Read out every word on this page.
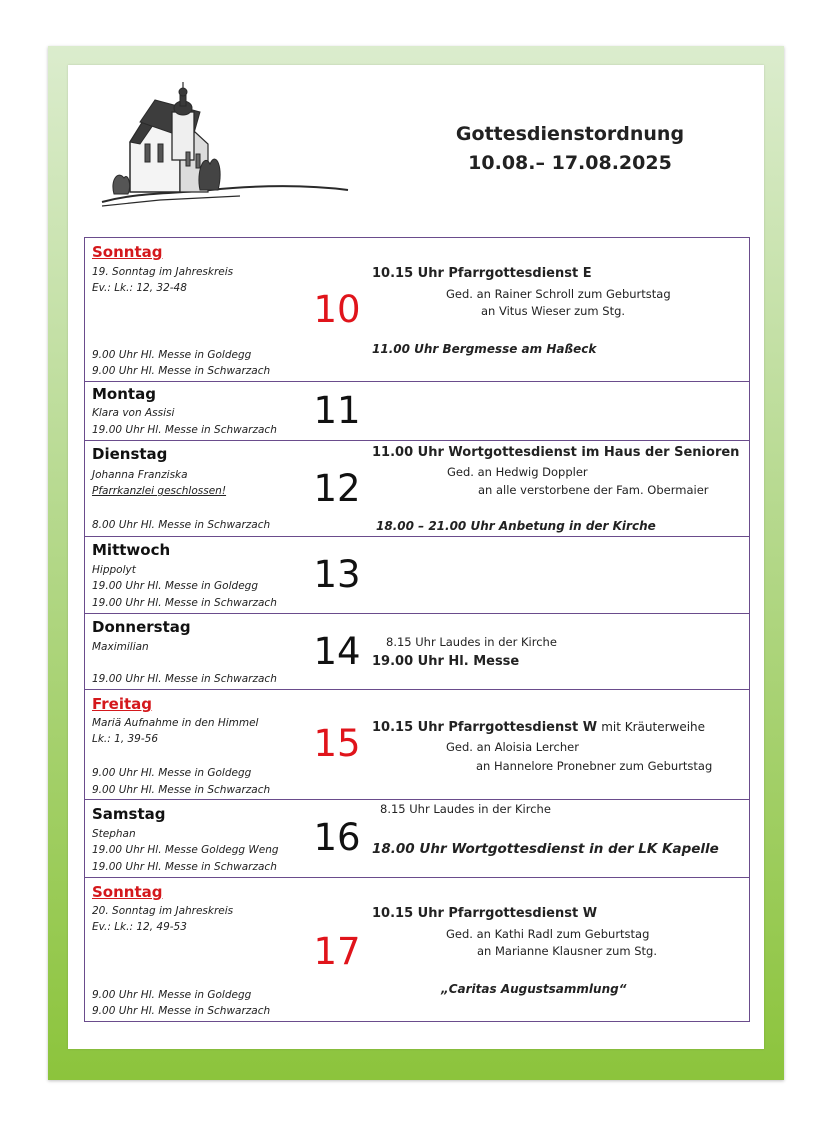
Gottesdienstordnung
10.08.– 17.08.2025
Sonntag
19. Sonntag im Jahreskreis
Ev.: Lk.: 12, 32-48
9.00 Uhr Hl. Messe in Goldegg
9.00 Uhr Hl. Messe in Schwarzach
10
10.15 Uhr Pfarrgottesdienst E
Ged. an Rainer Schroll zum Geburtstag
an Vitus Wieser zum Stg.
11.00 Uhr Bergmesse am Haßeck
Montag
Klara von Assisi
19.00 Uhr Hl. Messe in Schwarzach 11
Dienstag
Johanna Franziska
Pfarrkanzlei geschlossen!
8.00 Uhr Hl. Messe in Schwarzach
12
11.00 Uhr Wortgottesdienst im Haus der Senioren
Ged. an Hedwig Doppler
an alle verstorbene der Fam. Obermaier
18.00 – 21.00 Uhr Anbetung in der Kirche
Mittwoch
Hippolyt
19.00 Uhr Hl. Messe in Goldegg
19.00 Uhr Hl. Messe in Schwarzach
13
Donnerstag
Maximilian
19.00 Uhr Hl. Messe in Schwarzach
14	8.15 Uhr Laudes in der Kirche
19.00 Uhr Hl. Messe
Freitag
Mariä Aufnahme in den Himmel
Lk.: 1, 39-56
9.00 Uhr Hl. Messe in Goldegg
9.00 Uhr Hl. Messe in Schwarzach
15 10.15 Uhr Pfarrgottesdienst W mit Kräuterweihe
Ged. an Aloisia Lercher
an Hannelore Pronebner zum Geburtstag
Samstag
Stephan
19.00 Uhr Hl. Messe Goldegg Weng
19.00 Uhr Hl. Messe in Schwarzach
16
8.15 Uhr Laudes in der Kirche
18.00 Uhr Wortgottesdienst in der LK Kapelle
Sonntag
20. Sonntag im Jahreskreis
Ev.: Lk.: 12, 49-53
9.00 Uhr Hl. Messe in Goldegg
9.00 Uhr Hl. Messe in Schwarzach
17
10.15 Uhr Pfarrgottesdienst W
Ged. an Kathi Radl zum Geburtstag
an Marianne Klausner zum Stg.
„Caritas Augustsammlung“
